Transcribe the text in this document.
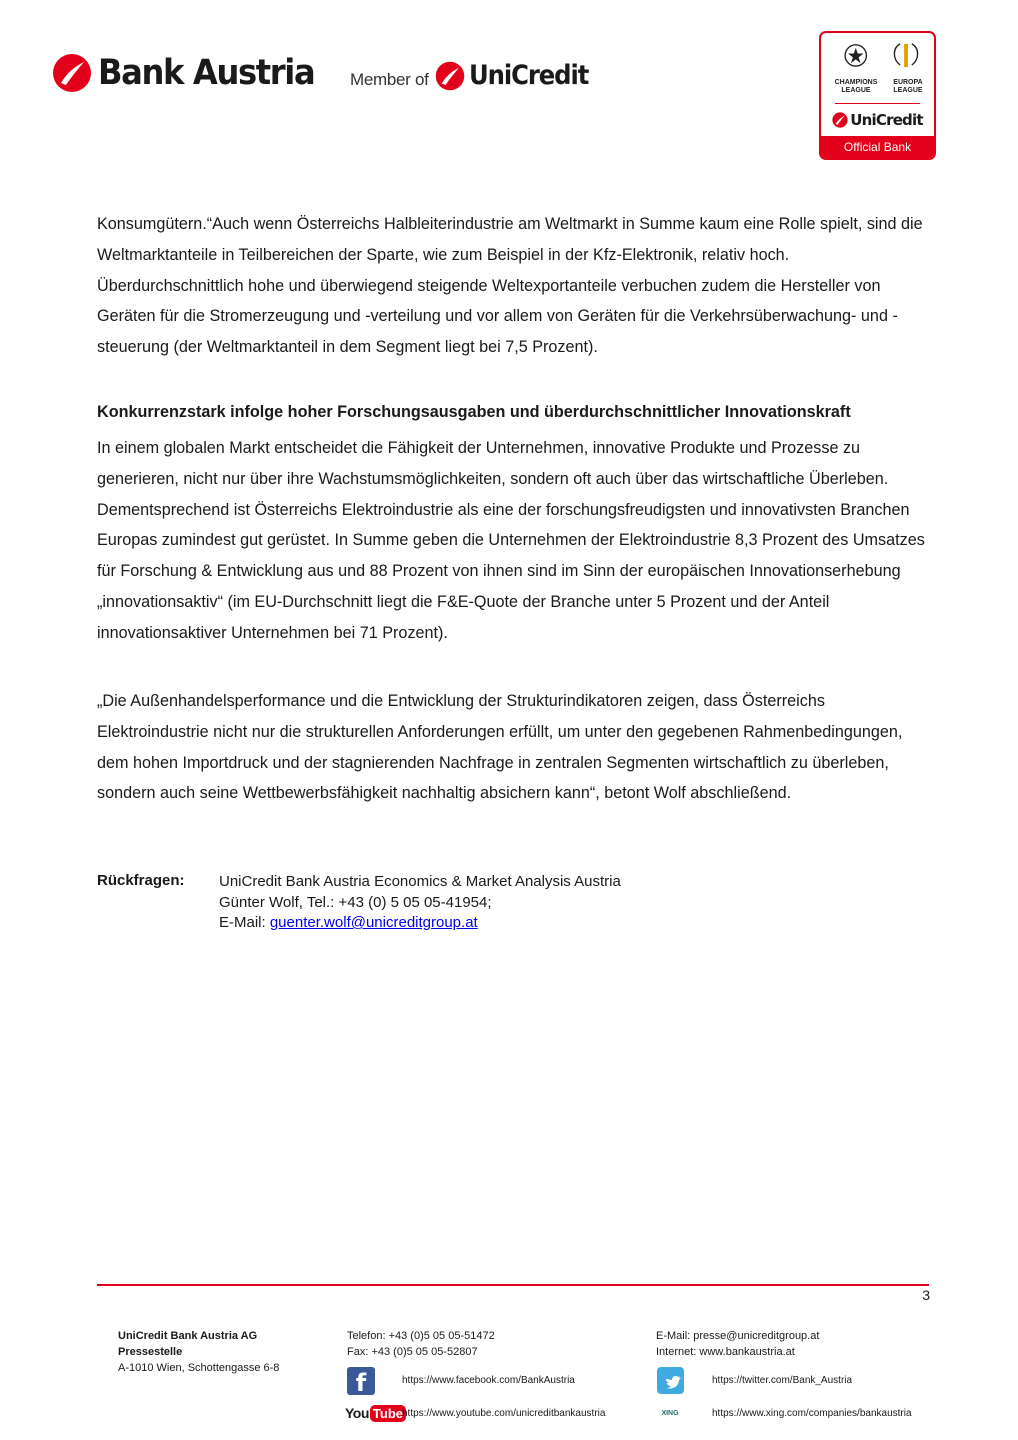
Bank Austria Member of UniCredit	CHAMPIONS
LEAGUE
EUROPA
LEAGUE
UniCredit
Official Bank

Konsumgütern.“Auch wenn Österreichs Halbleiterindustrie am Weltmarkt in Summe kaum eine Rolle spielt, sind die Weltmarktanteile in Teilbereichen der Sparte, wie zum Beispiel in der Kfz-Elektronik, relativ hoch. Überdurchschnittlich hohe und überwiegend steigende Weltexportanteile verbuchen zudem die Hersteller von Geräten für die Stromerzeugung und -verteilung und vor allem von Geräten für die Verkehrsüberwachung- und -steuerung (der Weltmarktanteil in dem Segment liegt bei 7,5 Prozent).

Konkurrenzstark infolge hoher Forschungsausgaben und überdurchschnittlicher Innovationskraft

In einem globalen Markt entscheidet die Fähigkeit der Unternehmen, innovative Produkte und Prozesse zu generieren, nicht nur über ihre Wachstumsmöglichkeiten, sondern oft auch über das wirtschaftliche Überleben. Dementsprechend ist Österreichs Elektroindustrie als eine der forschungsfreudigsten und innovativsten Branchen Europas zumindest gut gerüstet. In Summe geben die Unternehmen der Elektroindustrie 8,3 Prozent des Umsatzes für Forschung & Entwicklung aus und 88 Prozent von ihnen sind im Sinn der europäischen Innovationserhebung „innovationsaktiv“ (im EU-Durchschnitt liegt die F&E-Quote der Branche unter 5 Prozent und der Anteil innovationsaktiver Unternehmen bei 71 Prozent).

„Die Außenhandelsperformance und die Entwicklung der Strukturindikatoren zeigen, dass Österreichs Elektroindustrie nicht nur die strukturellen Anforderungen erfüllt, um unter den gegebenen Rahmenbedingungen, dem hohen Importdruck und der stagnierenden Nachfrage in zentralen Segmenten wirtschaftlich zu überleben, sondern auch seine Wettbewerbsfähigkeit nachhaltig absichern kann“, betont Wolf abschließend.

Rückfragen: UniCredit Bank Austria Economics & Market Analysis Austria
Günter Wolf, Tel.: +43 (0) 5 05 05-41954;
E-Mail: guenter.wolf@unicreditgroup.at
3
UniCredit Bank Austria AG
Pressestelle
A-1010 Wien, Schottengasse 6-8
Telefon: +43 (0)5 05 05-51472
Fax: +43 (0)5 05 05-52807
E-Mail: presse@unicreditgroup.at
Internet: www.bankaustria.at
f	https://www.facebook.com/BankAustria
You Tube https://www.youtube.com/unicreditbankaustria
https://twitter.com/Bank_Austria
XING	https://www.xing.com/companies/bankaustria
